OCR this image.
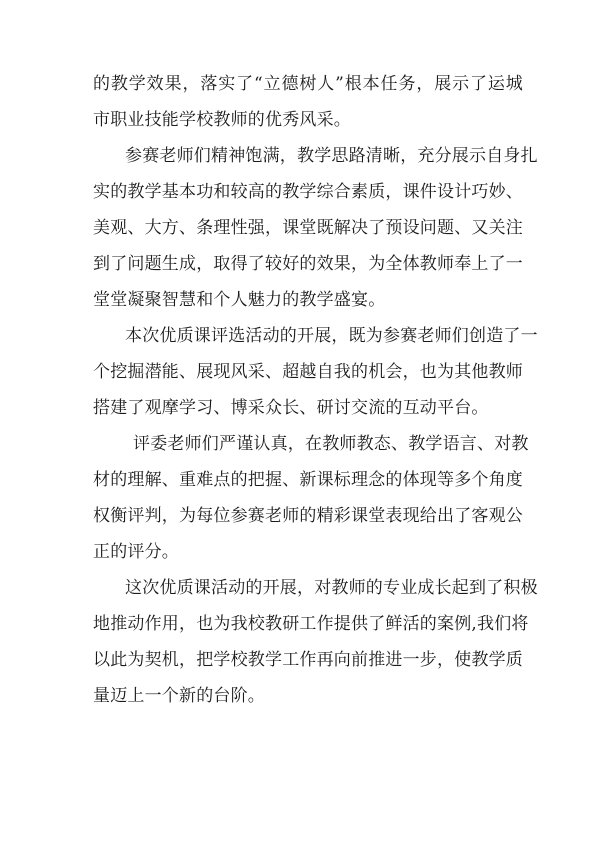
的教学效果，落实了“立德树人”根本任务，展示了运城
市职业技能学校教师的优秀风采。
参赛老师们精神饱满，教学思路清晰，充分展示自身扎
实的教学基本功和较高的教学综合素质，课件设计巧妙、
美观、大方、条理性强，课堂既解决了预设问题、又关注
到了问题生成，取得了较好的效果，为全体教师奉上了一
堂堂凝聚智慧和个人魅力的教学盛宴。
本次优质课评选活动的开展，既为参赛老师们创造了一
个挖掘潜能、展现风采、超越自我的机会，也为其他教师
搭建了观摩学习、博采众长、研讨交流的互动平台。
评委老师们严谨认真，在教师教态、教学语言、对教
材的理解、重难点的把握、新课标理念的体现等多个角度
权衡评判，为每位参赛老师的精彩课堂表现给出了客观公
正的评分。
这次优质课活动的开展，对教师的专业成长起到了积极
地推动作用，也为我校教研工作提供了鲜活的案例,我们将
以此为契机，把学校教学工作再向前推进一步，使教学质
量迈上一个新的台阶。
